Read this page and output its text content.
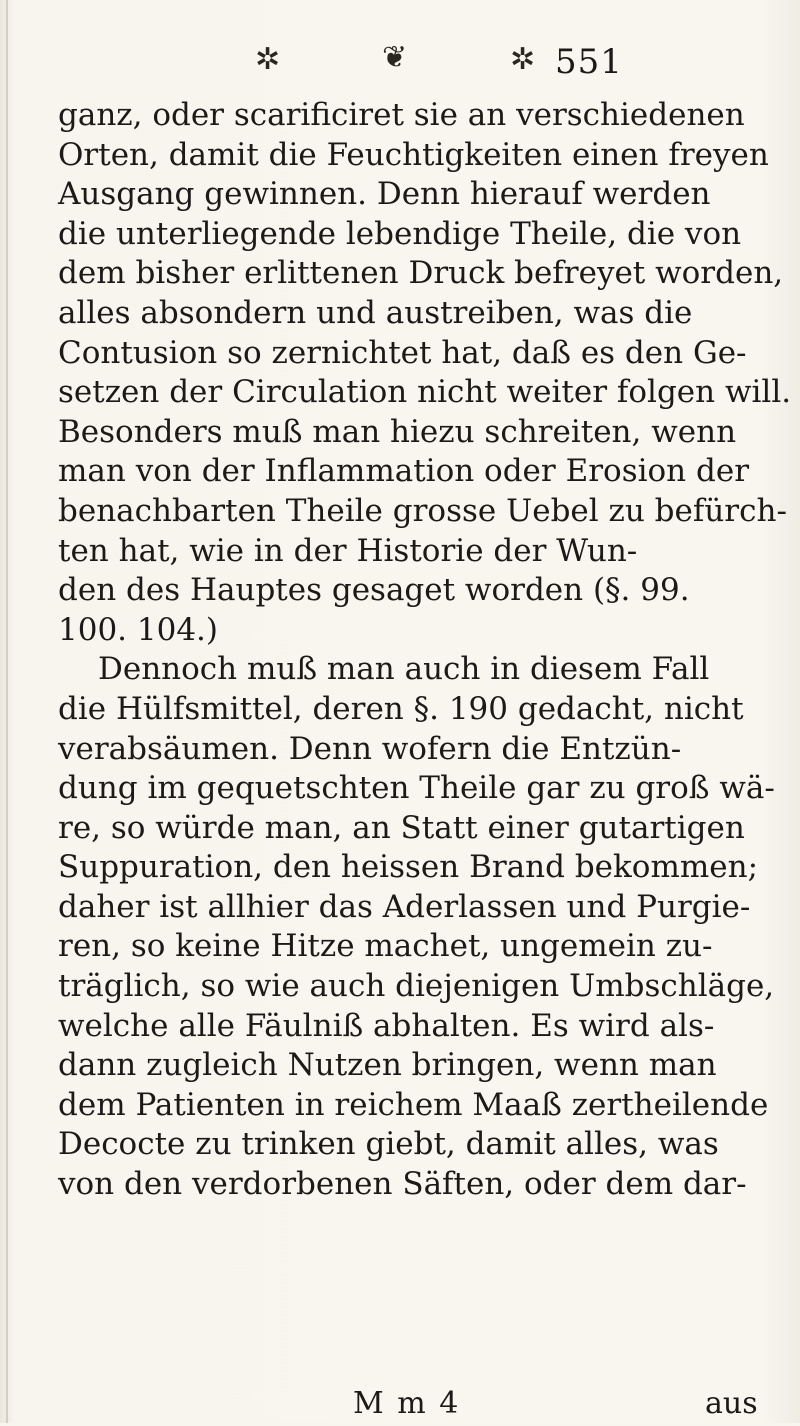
✲	❦	✲ 551
ganz, oder scarificiret sie an verschiedenen
Orten, damit die Feuchtigkeiten einen freyen
Ausgang gewinnen. Denn hierauf werden
die unterliegende lebendige Theile, die von
dem bisher erlittenen Druck befreyet worden,
alles absondern und austreiben, was die
Contusion so zernichtet hat, daß es den Ge-
setzen der Circulation nicht weiter folgen will.
Besonders muß man hiezu schreiten, wenn
man von der Inflammation oder Erosion der
benachbarten Theile grosse Uebel zu befürch-
ten hat, wie in der Historie der Wun-
den des Hauptes gesaget worden (§. 99.
100. 104.)
Dennoch muß man auch in diesem Fall
die Hülfsmittel, deren §. 190 gedacht, nicht
verabsäumen. Denn wofern die Entzün-
dung im gequetschten Theile gar zu groß wä-
re, so würde man, an Statt einer gutartigen
Suppuration, den heissen Brand bekommen;
daher ist allhier das Aderlassen und Purgie-
ren, so keine Hitze machet, ungemein zu-
träglich, so wie auch diejenigen Umbschläge,
welche alle Fäulniß abhalten. Es wird als-
dann zugleich Nutzen bringen, wenn man
dem Patienten in reichem Maaß zertheilende
Decocte zu trinken giebt, damit alles, was
von den verdorbenen Säften, oder dem dar-
M m 4	aus
